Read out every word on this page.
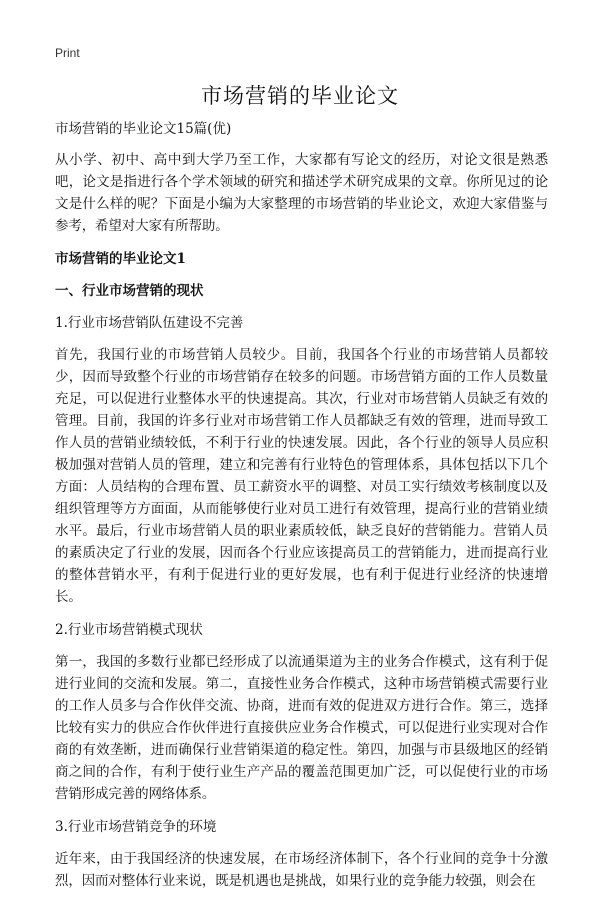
Print
市场营销的毕业论文

市场营销的毕业论文15篇(优)

从小学、初中、高中到大学乃至工作，大家都有写论文的经历，对论文很是熟悉吧，论文是指进行各个学术领域的研究和描述学术研究成果的文章。你所见过的论文是什么样的呢？下面是小编为大家整理的市场营销的毕业论文，欢迎大家借鉴与参考，希望对大家有所帮助。

市场营销的毕业论文1

一、行业市场营销的现状

1.行业市场营销队伍建设不完善

首先，我国行业的市场营销人员较少。目前，我国各个行业的市场营销人员都较少，因而导致整个行业的市场营销存在较多的问题。市场营销方面的工作人员数量充足，可以促进行业整体水平的快速提高。其次，行业对市场营销人员缺乏有效的管理。目前，我国的许多行业对市场营销工作人员都缺乏有效的管理，进而导致工作人员的营销业绩较低，不利于行业的快速发展。因此，各个行业的领导人员应积极加强对营销人员的管理，建立和完善有行业特色的管理体系，具体包括以下几个方面：人员结构的合理布置、员工薪资水平的调整、对员工实行绩效考核制度以及组织管理等方方面面，从而能够使行业对员工进行有效管理，提高行业的营销业绩水平。最后，行业市场营销人员的职业素质较低，缺乏良好的营销能力。营销人员的素质决定了行业的发展，因而各个行业应该提高员工的营销能力，进而提高行业的整体营销水平，有利于促进行业的更好发展，也有利于促进行业经济的快速增长。

2.行业市场营销模式现状

第一，我国的多数行业都已经形成了以流通渠道为主的业务合作模式，这有利于促进行业间的交流和发展。第二，直接性业务合作模式，这种市场营销模式需要行业的工作人员多与合作伙伴交流、协商，进而有效的促进双方进行合作。第三，选择比较有实力的供应合作伙伴进行直接供应业务合作模式，可以促进行业实现对合作商的有效垄断，进而确保行业营销渠道的稳定性。第四，加强与市县级地区的经销商之间的合作，有利于使行业生产产品的覆盖范围更加广泛，可以促使行业的市场营销形成完善的网络体系。

3.行业市场营销竞争的环境

近年来，由于我国经济的快速发展，在市场经济体制下，各个行业间的竞争十分激烈，因而对整体行业来说，既是机遇也是挑战，如果行业的竞争能力较强，则会在
